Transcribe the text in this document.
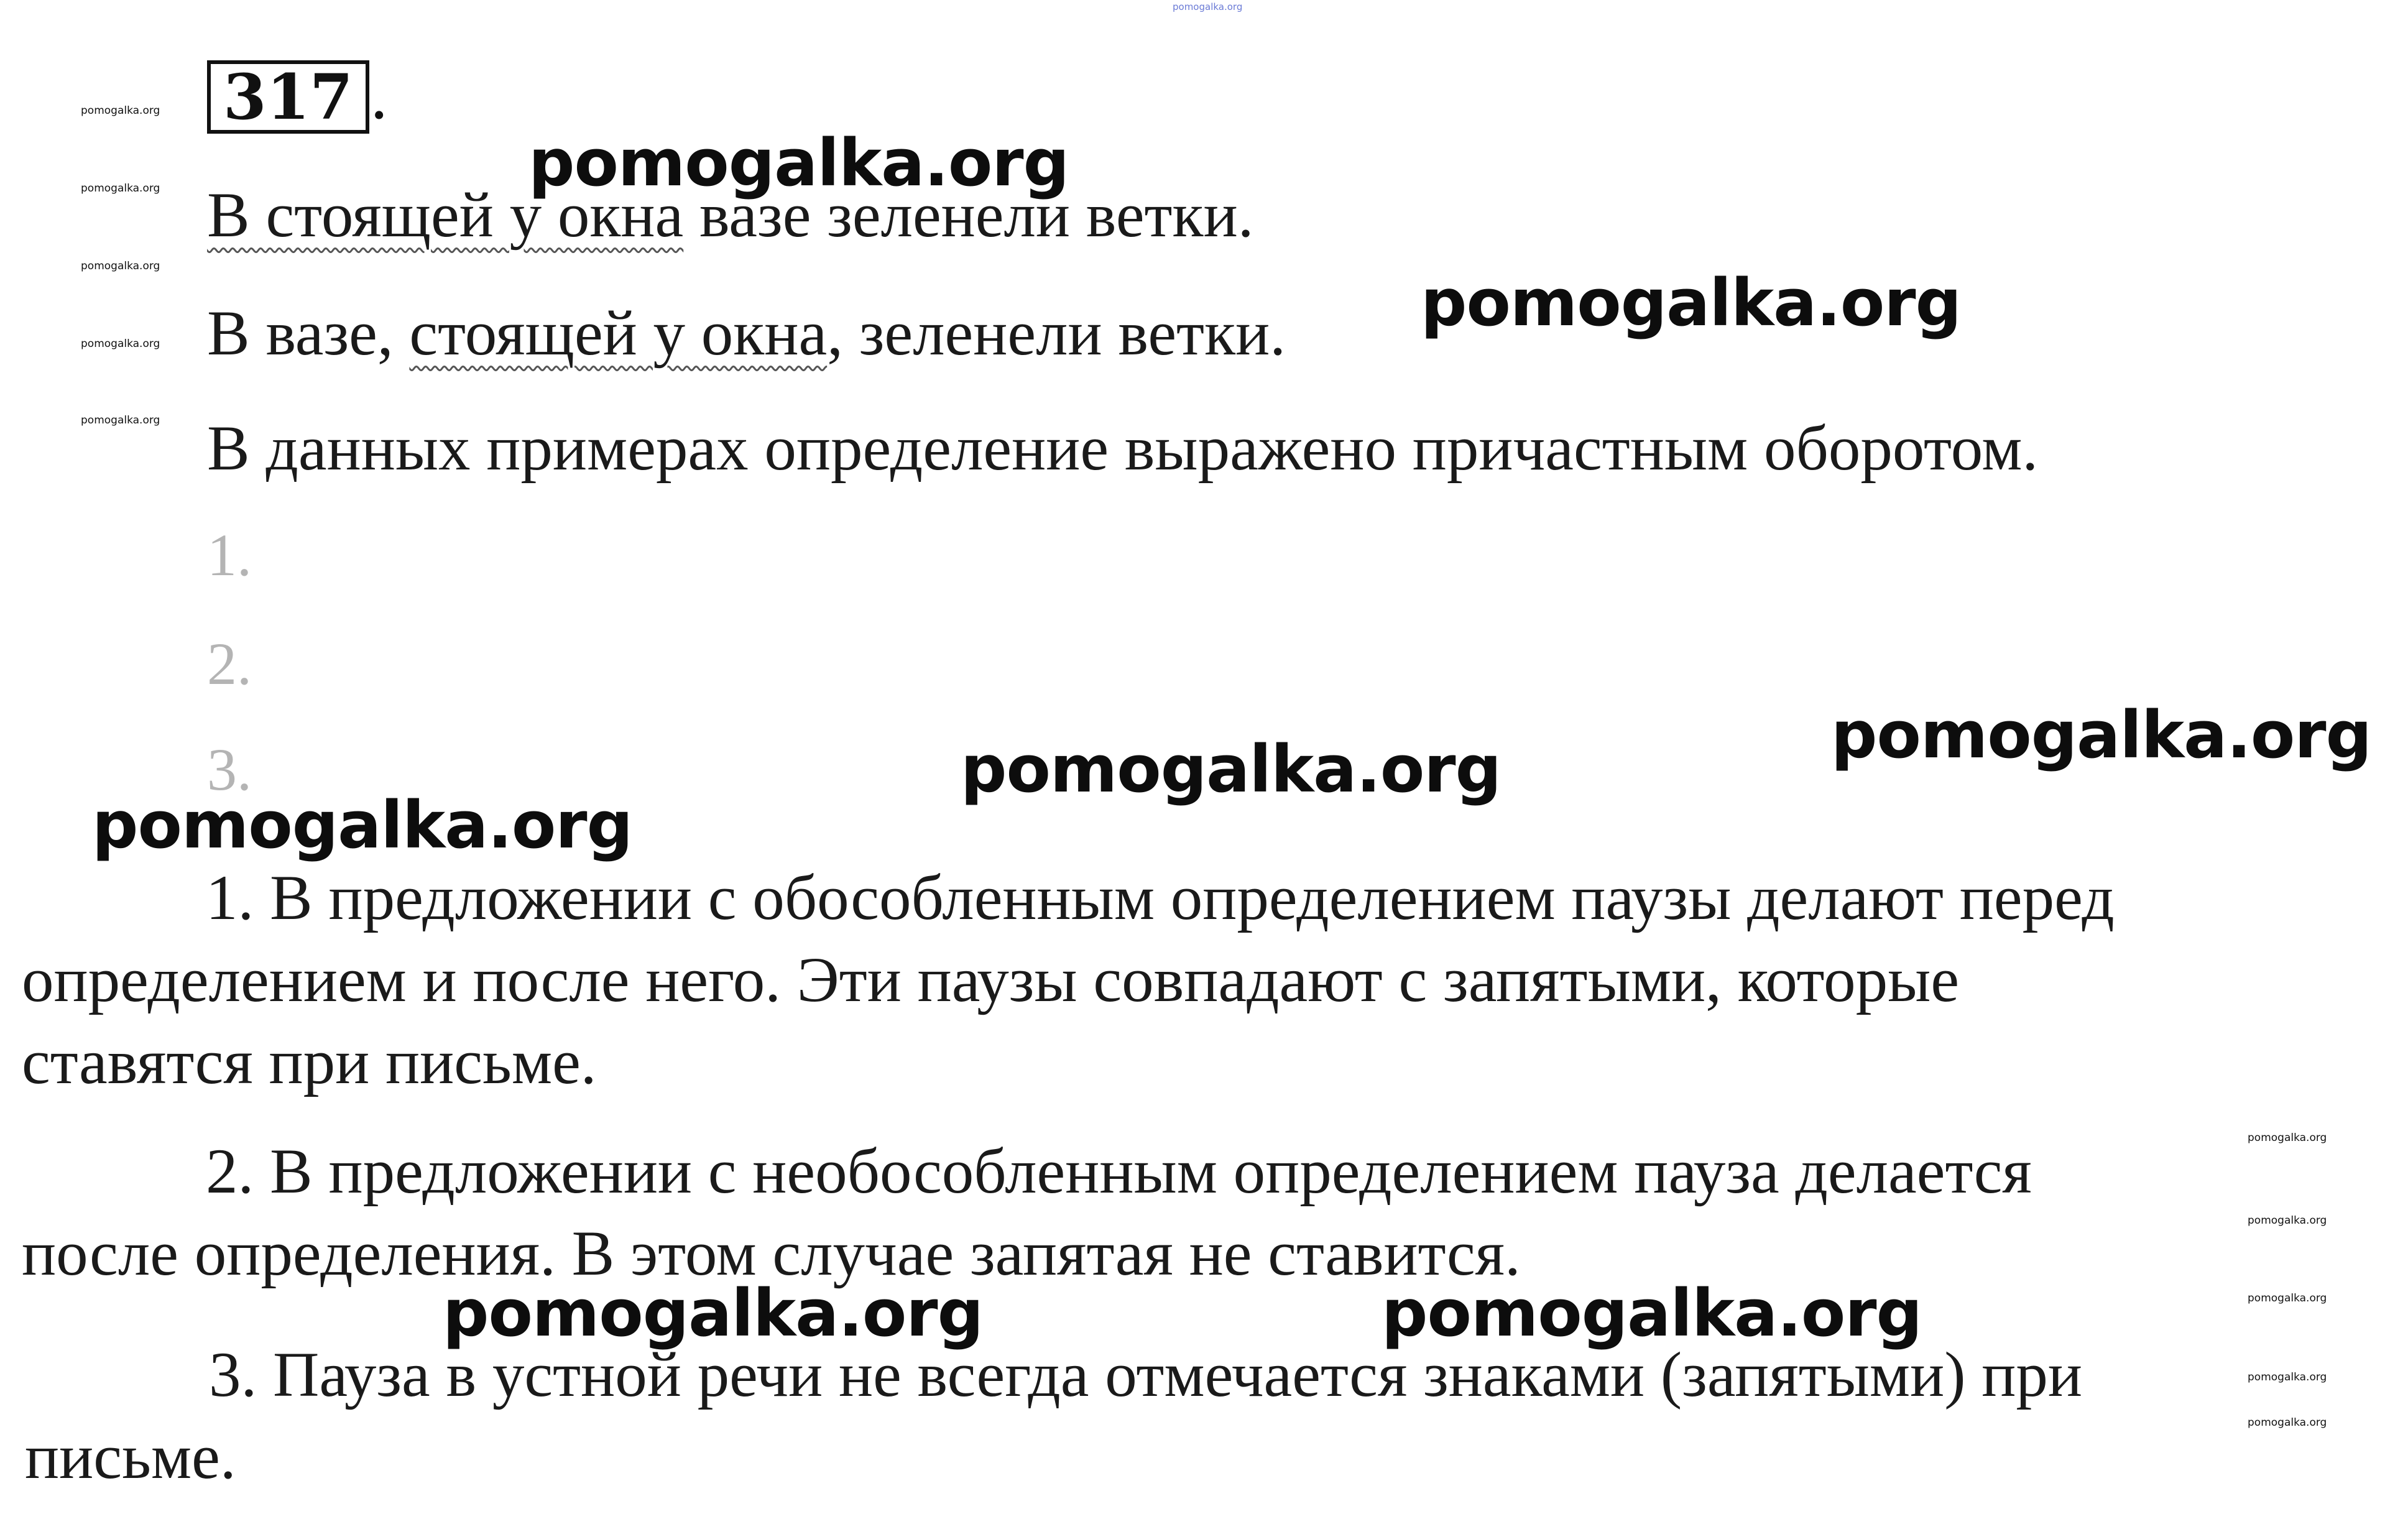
pomogalka.org
317 .
В стоящей у окна вазе зеленели ветки.
В вазе, стоящей у окна, зеленели ветки.
В данных примерах определение выражено причастным оборотом.
1.
2.
3.
1. В предложении с обособленным определением паузы делают перед
определением и после него. Эти паузы совпадают с запятыми, которые
ставятся при письме.
2. В предложении с необособленным определением пауза делается
после определения. В этом случае запятая не ставится.
3. Пауза в устной речи не всегда отмечается знаками (запятыми) при
письме.
pomogalka.org
pomogalka.org
pomogalka.org
pomogalka.org
pomogalka.org
pomogalka.org
pomogalka.org
pomogalka.org
pomogalka.org
pomogalka.org
pomogalka.org
pomogalka.org
pomogalka.org
pomogalka.org
pomogalka.org
pomogalka.org	pomogalka.org
